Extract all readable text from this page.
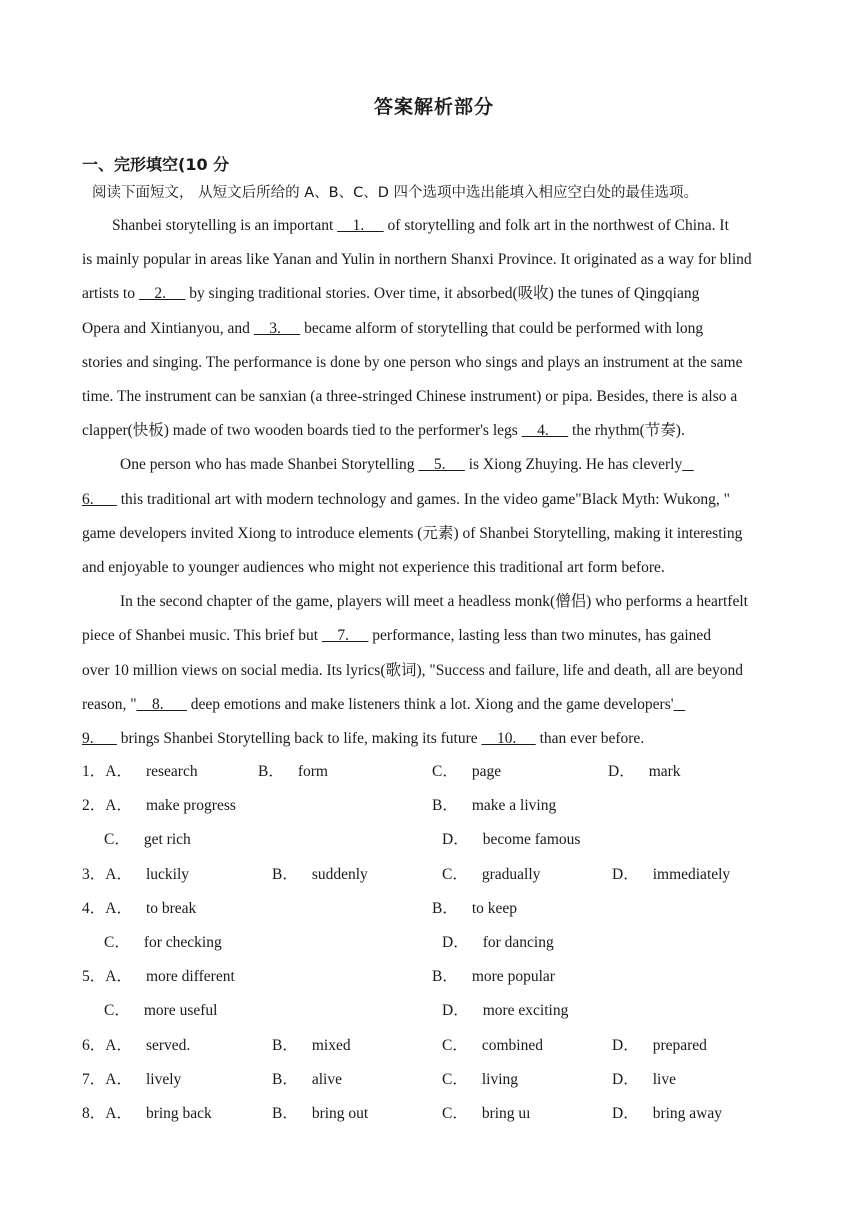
答案解析部分
一、完形填空(10 分
阅读下面短文， 从短文后所给的 A、B、C、D 四个选项中选出能填入相应空白处的最佳选项。
Shanbei storytelling is an important     1.      of storytelling and folk art in the northwest of China. It
is mainly popular in areas like Yanan and Yulin in northern Shanxi Province. It originated as a way for blind
artists to     2.      by singing traditional stories. Over time, it absorbed(吸收) the tunes of Qingqiang
Opera and Xintianyou, and     3.      became alform of storytelling that could be performed with long
stories and singing. The performance is done by one person who sings and plays an instrument at the same
time. The instrument can be sanxian (a three-stringed Chinese instrument) or pipa. Besides, there is also a
clapper(快板) made of two wooden boards tied to the performer's legs     4.      the rhythm(节奏).
One person who has made Shanbei Storytelling     5.      is Xiong Zhuying. He has cleverly
6.       this traditional art with modern technology and games. In the video game"Black Myth: Wukong, "
game developers invited Xiong to introduce elements (元素) of Shanbei Storytelling, making it interesting
and enjoyable to younger audiences who might not experience this traditional art form before.
In the second chapter of the game, players will meet a headless monk(僧侣) who performs a heartfelt
piece of Shanbei music. This brief but     7.      performance, lasting less than two minutes, has gained
over 10 million views on social media. Its lyrics(歌词), "Success and failure, life and death, all are beyond
reason, "    8.       deep emotions and make listeners think a lot. Xiong and the game developers'
9.       brings Shanbei Storytelling back to life, making its future     10.      than ever before.
1．A． research	B． form	C． page	D． mark
2．A． make progress	B． make a living
C． get rich	D． become famous
3．A． luckily	B． suddenly	C． gradually	D． immediately
4．A． to break	B． to keep
C． for checking	D． for dancing
5．A． more different	B． more popular
C． more useful	D． more exciting
6．A． served.	B． mixed	C． combined	D． prepared
7．A． lively	B． alive	C． living	D． live
8．A． bring back	B． bring out	C． bring uı	D． bring away
